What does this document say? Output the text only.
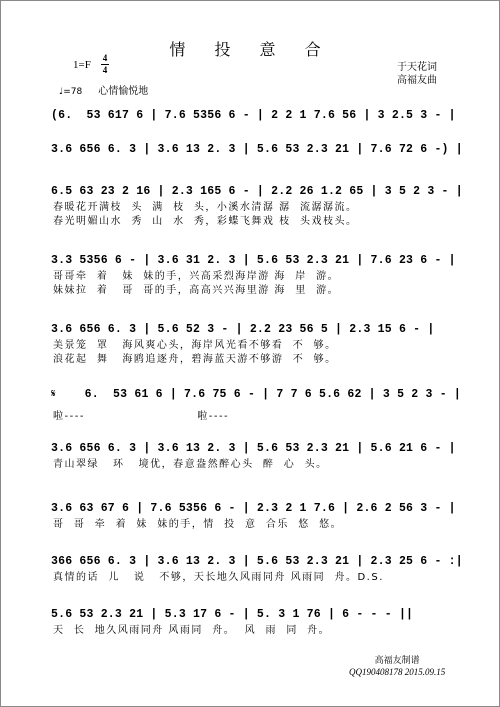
情 投 意 合
1=F
4
4
♩=78 心情愉悦地
于天花词
高福友曲
(6.  53 617 6 | 7.6 5356 6 - | 2 2 1 7.6 56 | 3 2.5 3 - |
3.6 656 6. 3 | 3.6 13 2. 3 | 5.6 53 2.3 21 | 7.6 72 6 -) |
6.5 63 23 2 16 | 2.3 165 6 - | 2.2 26 1.2 65 | 3 5 2 3 - |
春暖花开满枝  头  满  枝  头，小溪水清潺 潺  流潺潺流。
春光明媚山水  秀  山  水  秀，彩蝶飞舞戏 枝  头戏枝头。
3.3 5356 6 - | 3.6 31 2. 3 | 5.6 53 2.3 21 | 7.6 23 6 - |
哥哥牵  着   妹  妹的手，兴高采烈海岸游 海  岸  游。
妹妹拉  着   哥  哥的手，高高兴兴海里游 海  里  游。
3.6 656 6. 3 | 5.6 52 3 - | 2.2 23 56 5 | 2.3 15 6 - |
美景笼  罩   海风爽心头，海岸风光看不够看  不  够。
浪花起  舞   海鸥追逐舟，碧海蓝天游不够游  不  够。
𝄋 6.  53 61 6 | 7.6 75 6 - | 7 7 6 5.6 62 | 3 5 2 3 - |
啦----                        啦----
3.6 656 6. 3 | 3.6 13 2. 3 | 5.6 53 2.3 21 | 5.6 21 6 - |
青山翠绿   环   境优，春意盎然醉心头  醉  心  头。
3.6 63 67 6 | 7.6 5356 6 - | 2.3 2 1 7.6 | 2.6 2 56 3 - |
哥  哥  牵  着  妹  妹的手，情  投  意  合乐  悠  悠。
366 656 6. 3 | 3.6 13 2. 3 | 5.6 53 2.3 21 | 2.3 25 6 - :|
真情的话  儿   说   不够，天长地久风雨同舟 风雨同  舟。D.S.
5.6 53 2.3 21 | 5.3 17 6 - | 5. 3 1 76 | 6 - - - ||
天  长  地久风雨同舟 风雨同  舟。  风  雨  同  舟。
高福友制谱
QQ190408178 2015.09.15
